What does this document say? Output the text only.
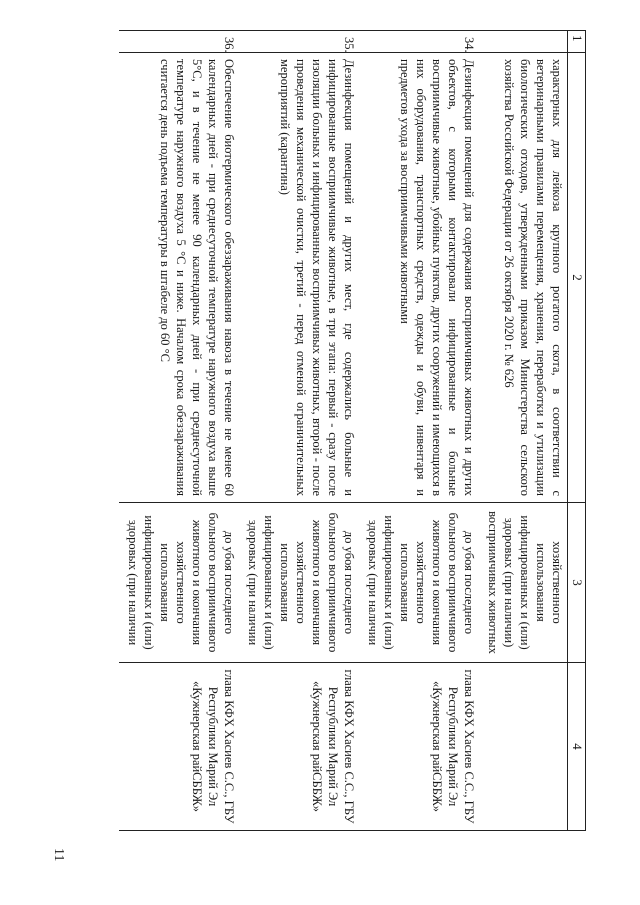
11
1	2	3	4
	характерных для лейкоза крупного рогатого скота, в соответствии с ветеринарными правилами перемещения, хранения, переработки и утилизации биологических отходов, утвержденными приказом Министерства сельского хозяйства Российской Федерации от 26 октября 2020 г. № 626	хозяйственного использования инфицированных и (или) здоровых (при наличии) восприимчивых животных	
34.	Дезинфекция помещений для содержания восприимчивых животных и других объектов, с которыми контактировали инфицированные и больные восприимчивые животные, убойных пунктов, других сооружений и имеющихся в них оборудования, транспортных средств, одежды и обуви, инвентаря и предметов ухода за восприимчивыми животными	до убоя последнего больного восприимчивого животного и окончания хозяйственного использования инфицированных и (или) здоровых (при наличии	глава КФХ Хасиев С.С., ГБУ Республики Марий Эл «Кужнерская райСББЖ»
35.	Дезинфекция помещений и других мест, где содержались больные и инфицированные восприимчивые животные, в три этапа: первый - сразу после изоляции больных и инфицированных восприимчивых животных, второй - после проведения механической очистки, третий - перед отменой ограничительных мероприятий (карантина)	до убоя последнего больного восприимчивого животного и окончания хозяйственного использования инфицированных и (или) здоровых (при наличии	глава КФХ Хасиев С.С., ГБУ Республики Марий Эл «Кужнерская райСББЖ»
36.	Обеспечение биотермического обеззараживания навоза в течение не менее 60 календарных дней - при среднесуточной температуре наружного воздуха выше 5°С, и в течение не менее 90 календарных дней - при среднесуточной температуре наружного воздуха 5 °С и ниже. Началом срока обеззараживания считается день подъема температуры в штабеле до 60 °С	до убоя последнего больного восприимчивого животного и окончания хозяйственного использования инфицированных и (или) здоровых (при наличии	глава КФХ Хасиев С.С., ГБУ Республики Марий Эл «Кужнерская райСББЖ»
